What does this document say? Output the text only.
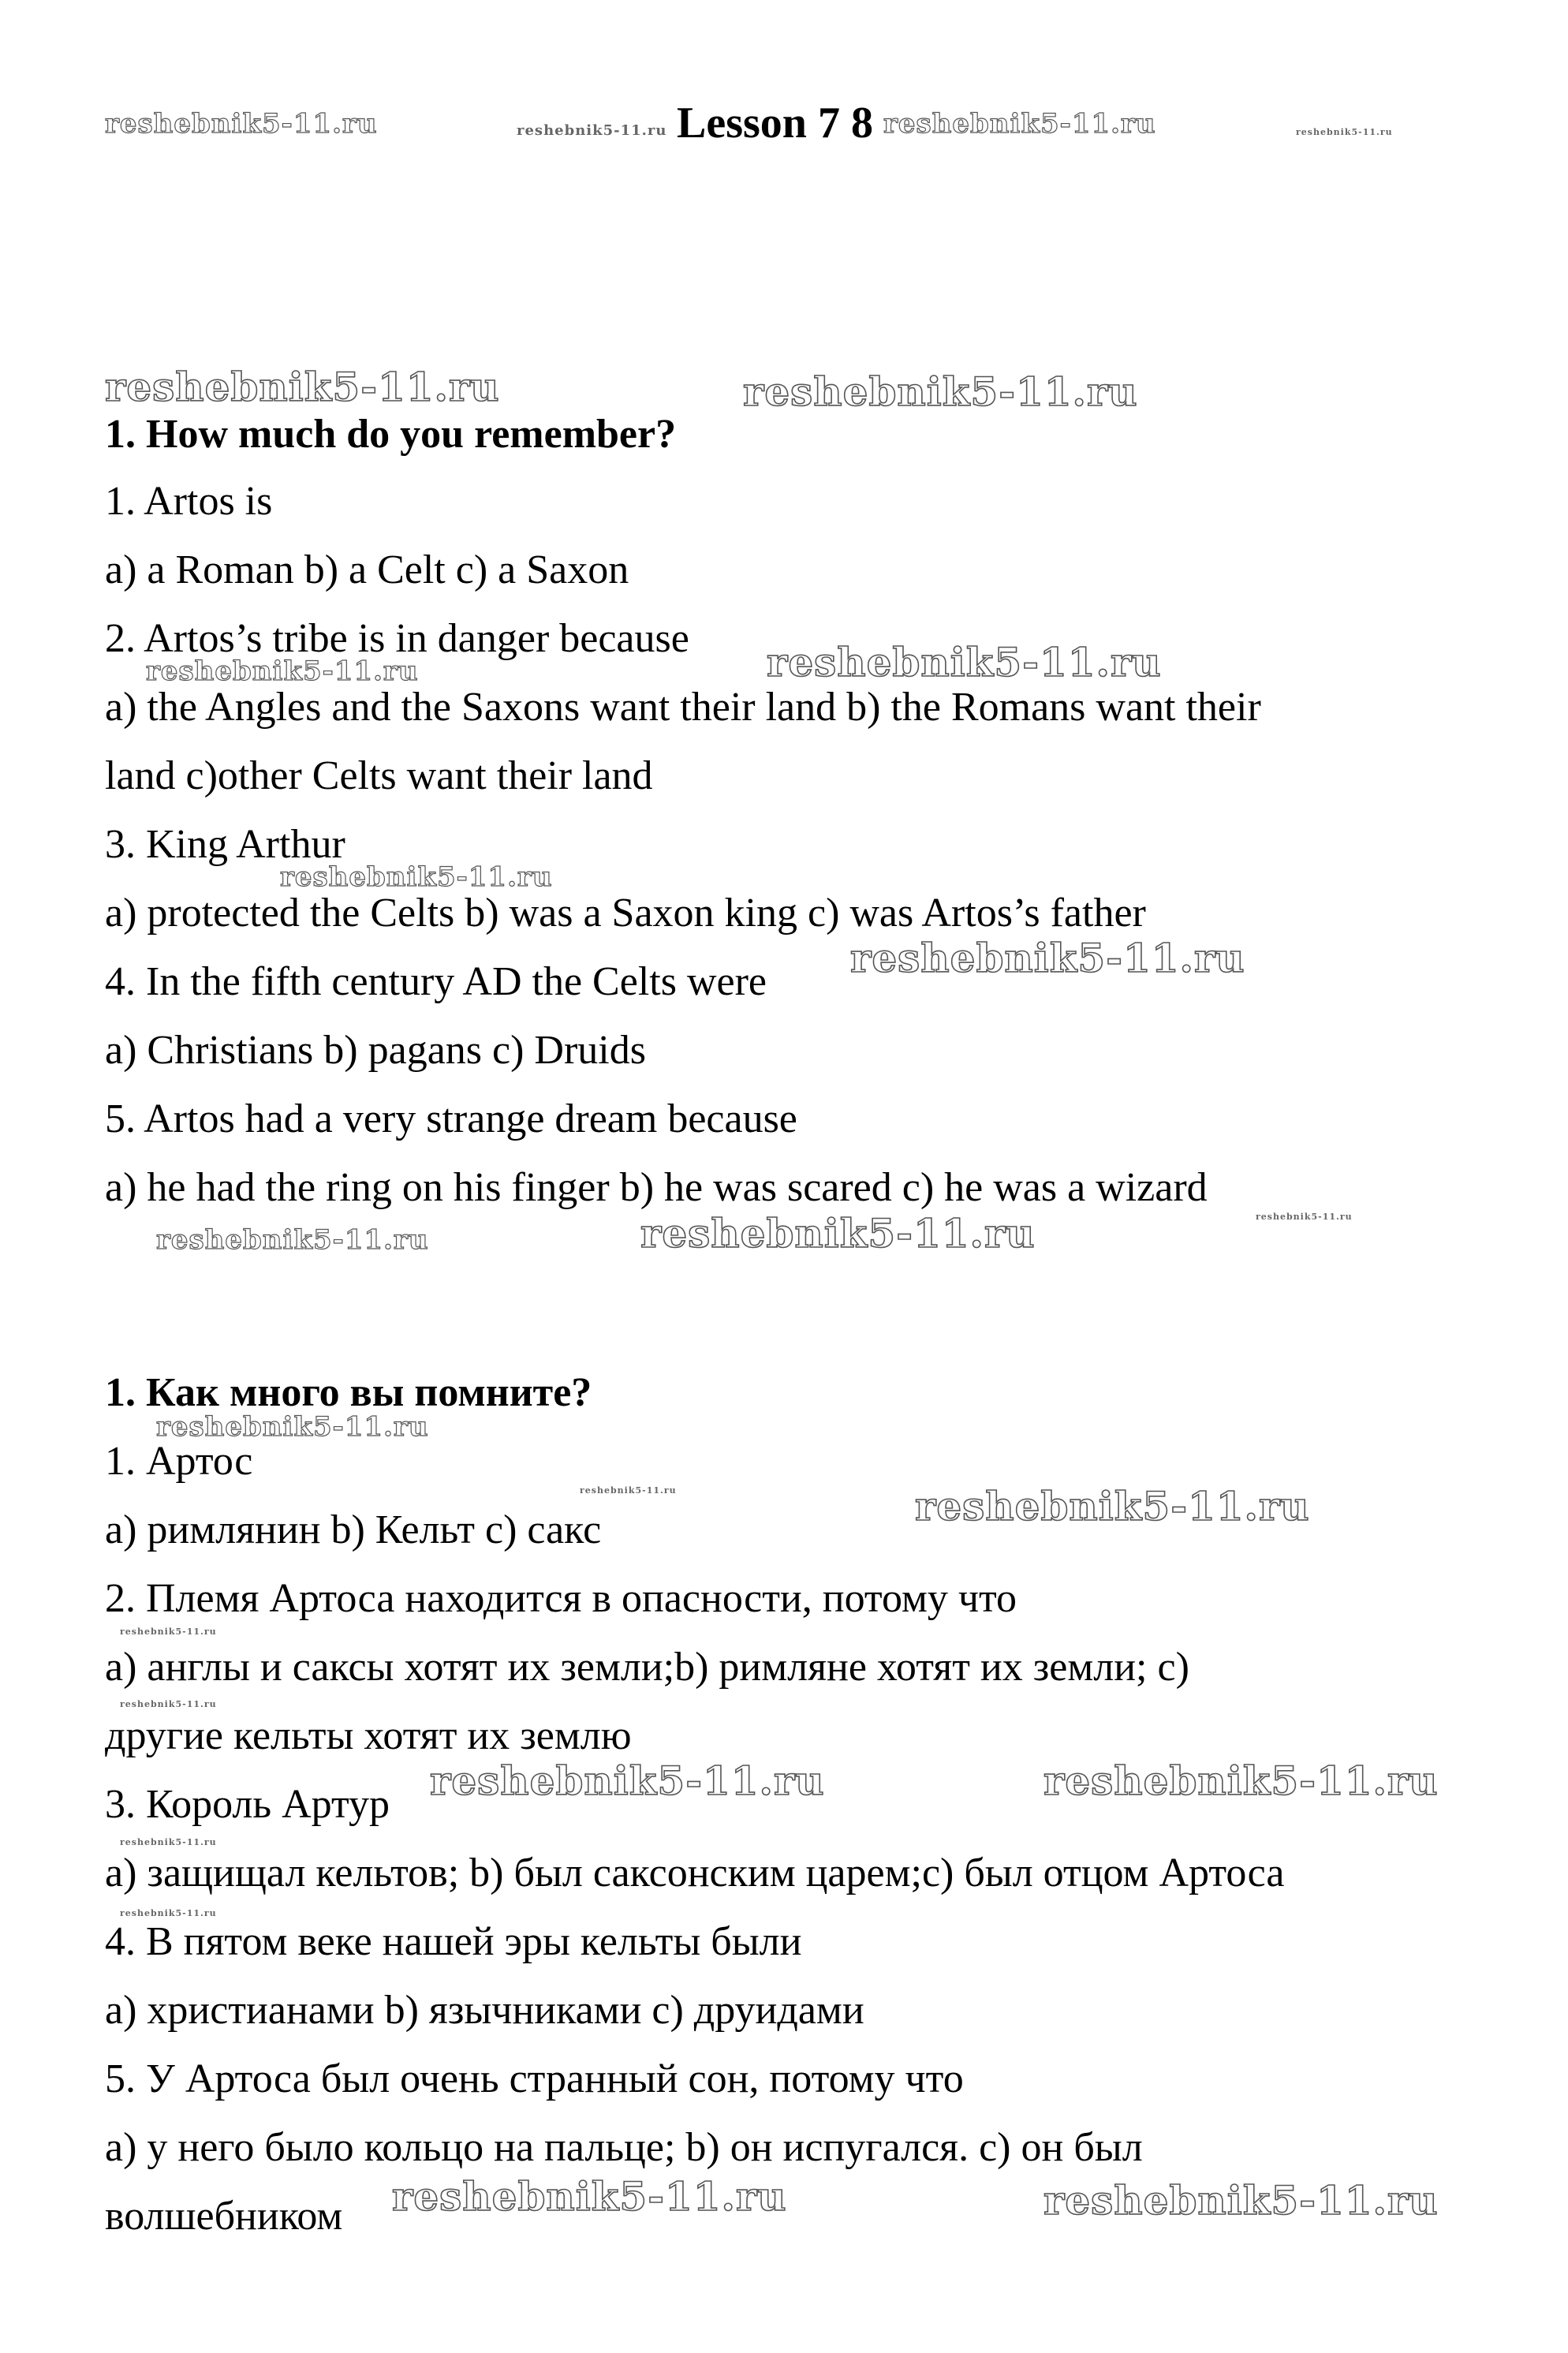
reshebnik5-11.ru	reshebnik5-11.ru	reshebnik5-11.ru	reshebnik5-11.ru
reshebnik5-11.ru	reshebnik5-11.ru
reshebnik5-11.ru	reshebnik5-11.ru
reshebnik5-11.ru
reshebnik5-11.ru
reshebnik5-11.ru	reshebnik5-11.ru	reshebnik5-11.ru
reshebnik5-11.ru
reshebnik5-11.ru	reshebnik5-11.ru
reshebnik5-11.ru
reshebnik5-11.ru
reshebnik5-11.ru	reshebnik5-11.ru
reshebnik5-11.ru
reshebnik5-11.ru
reshebnik5-11.ru	reshebnik5-11.ru
Lesson 7 8
1. How much do you remember?
1. Artos is
a) a Roman b) a Celt c) a Saxon
2. Artos’s tribe is in danger because
a) the Angles and the Saxons want their land b) the Romans want their
land c)other Celts want their land
3. King Arthur
a) protected the Celts b) was a Saxon king c) was Artos’s father
4. In the fifth century AD the Celts were
a) Christians b) pagans c) Druids
5. Artos had a very strange dream because
a) he had the ring on his finger b) he was scared c) he was a wizard
1. Как много вы помните?
1. Артос
а) римлянин b) Кельт c) сакс
2. Племя Артоса находится в опасности, потому что
а) англы и саксы хотят их земли;b) римляне хотят их земли; c)
другие кельты хотят их землю
3. Король Артур
а) защищал кельтов; b) был саксонским царем;c) был отцом Артоса
4. В пятом веке нашей эры кельты были
а) христианами b) язычниками c) друидами
5. У Артоса был очень странный сон, потому что
а) у него было кольцо на пальце; b) он испугался. c) он был
волшебником
